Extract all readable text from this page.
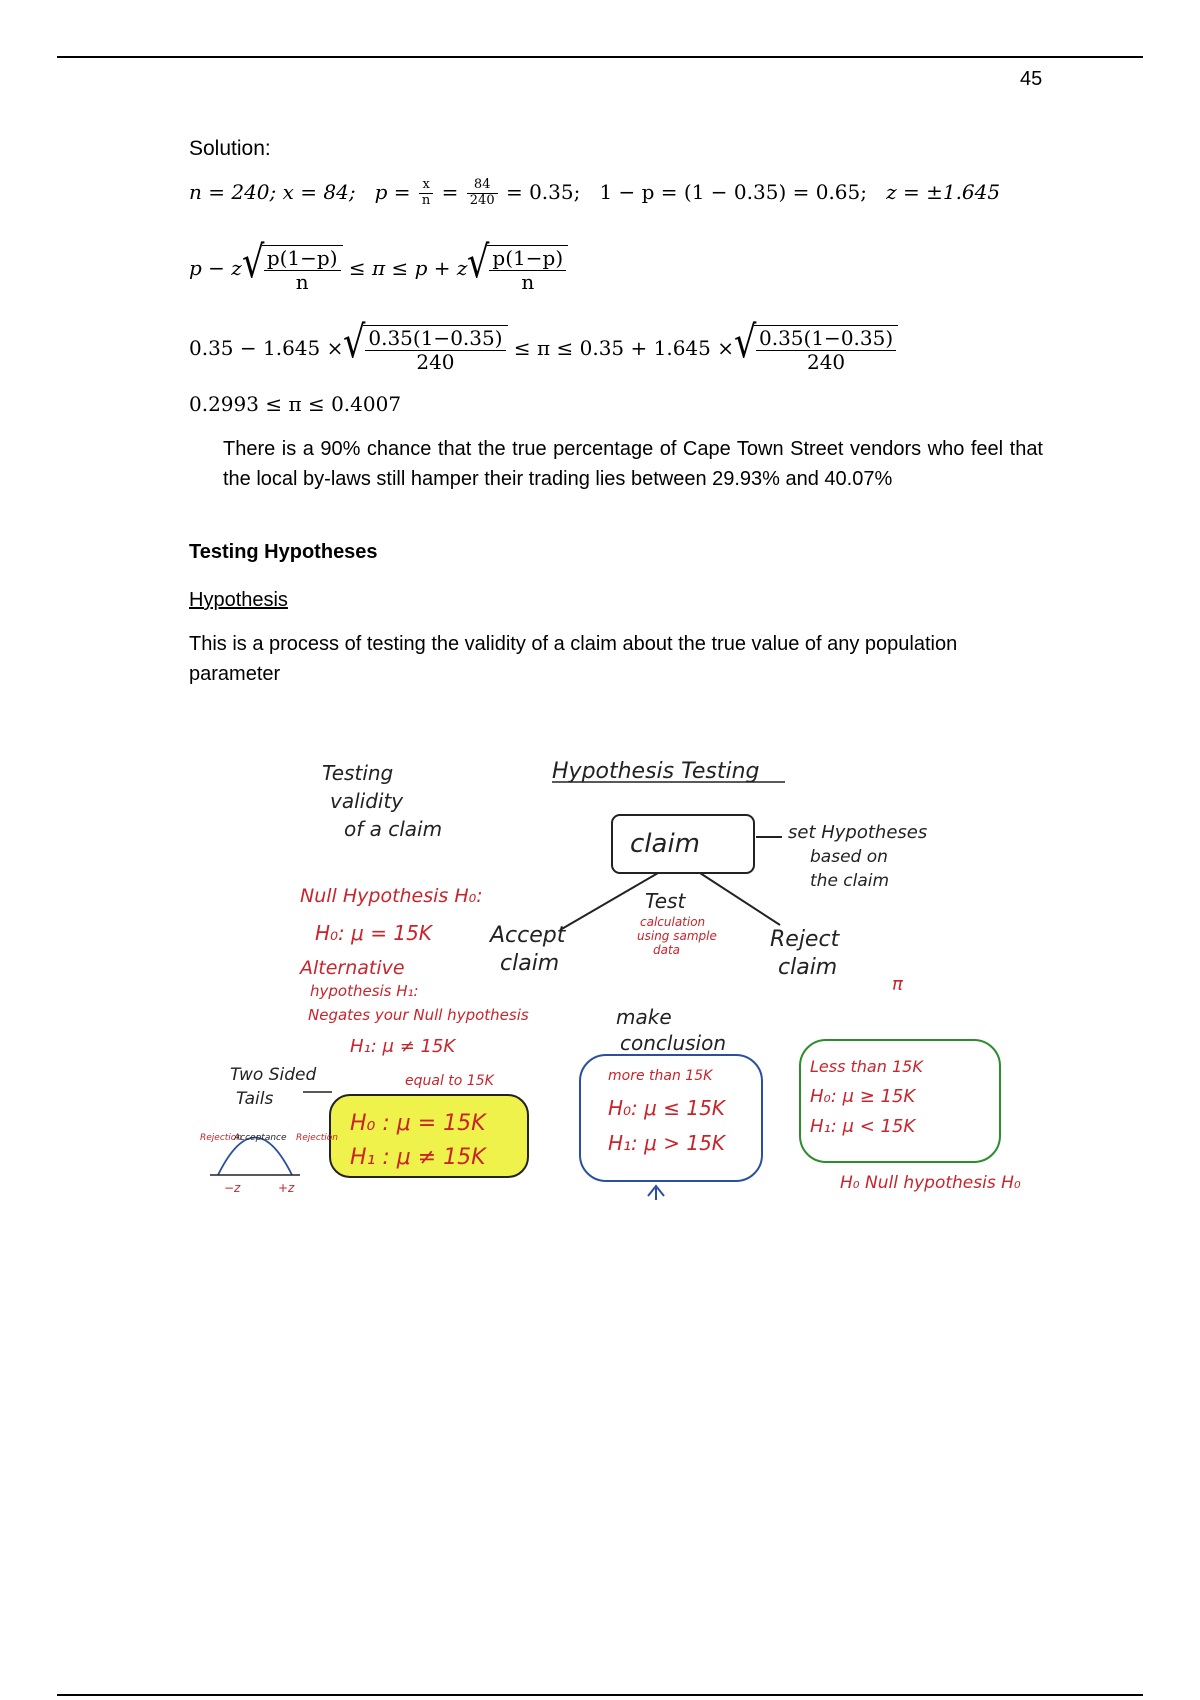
45
Solution:
n = 240; x = 84; $p = \frac{x}{n} = \frac{84}{240} = 0.35$; 1 − p = (1 − 0.35) = 0.65; z = ±1.645
p − z √ $\frac{p(1-p)}{n} \le \pi \le p + z$ √ $\frac{p(1-p)}{n}$
0.35 − 1.645 × √ $\frac{0.35(1-0.35)}{240} \le \pi \le 0.35 + 1.645$ × √ $\frac{0.35(1-0.35)}{240}$
0.2993 ≤ π ≤ 0.4007
There is a 90% chance that the true percentage of Cape Town Street vendors who feel that the local by-laws still hamper their trading lies between 29.93% and 40.07%
Testing Hypotheses
Hypothesis
This is a process of testing the validity of a claim about the true value of any population parameter
Hypothesis Testing
Testing
validity
of a claim	claim	set Hypotheses
based on
the claim
Null Hypothesis H₀:
H₀: μ = 15K
Alternative
hypothesis H₁:
Negates your Null hypothesis
H₁: μ ≠ 15K
equal to 15K
Accept
claim
Test
calculation
using sample
data	Reject
claim
π
make
conclusion
Two Sided
Tails
Rejection
Acceptance Rejection
−z	+z
H₀ : μ = 15K
H₁ : μ ≠ 15K
more than 15K
H₀: μ ≤ 15K
H₁: μ > 15K
Less than 15K
H₀: μ ≥ 15K
H₁: μ < 15K
H₀ Null hypothesis H₀
